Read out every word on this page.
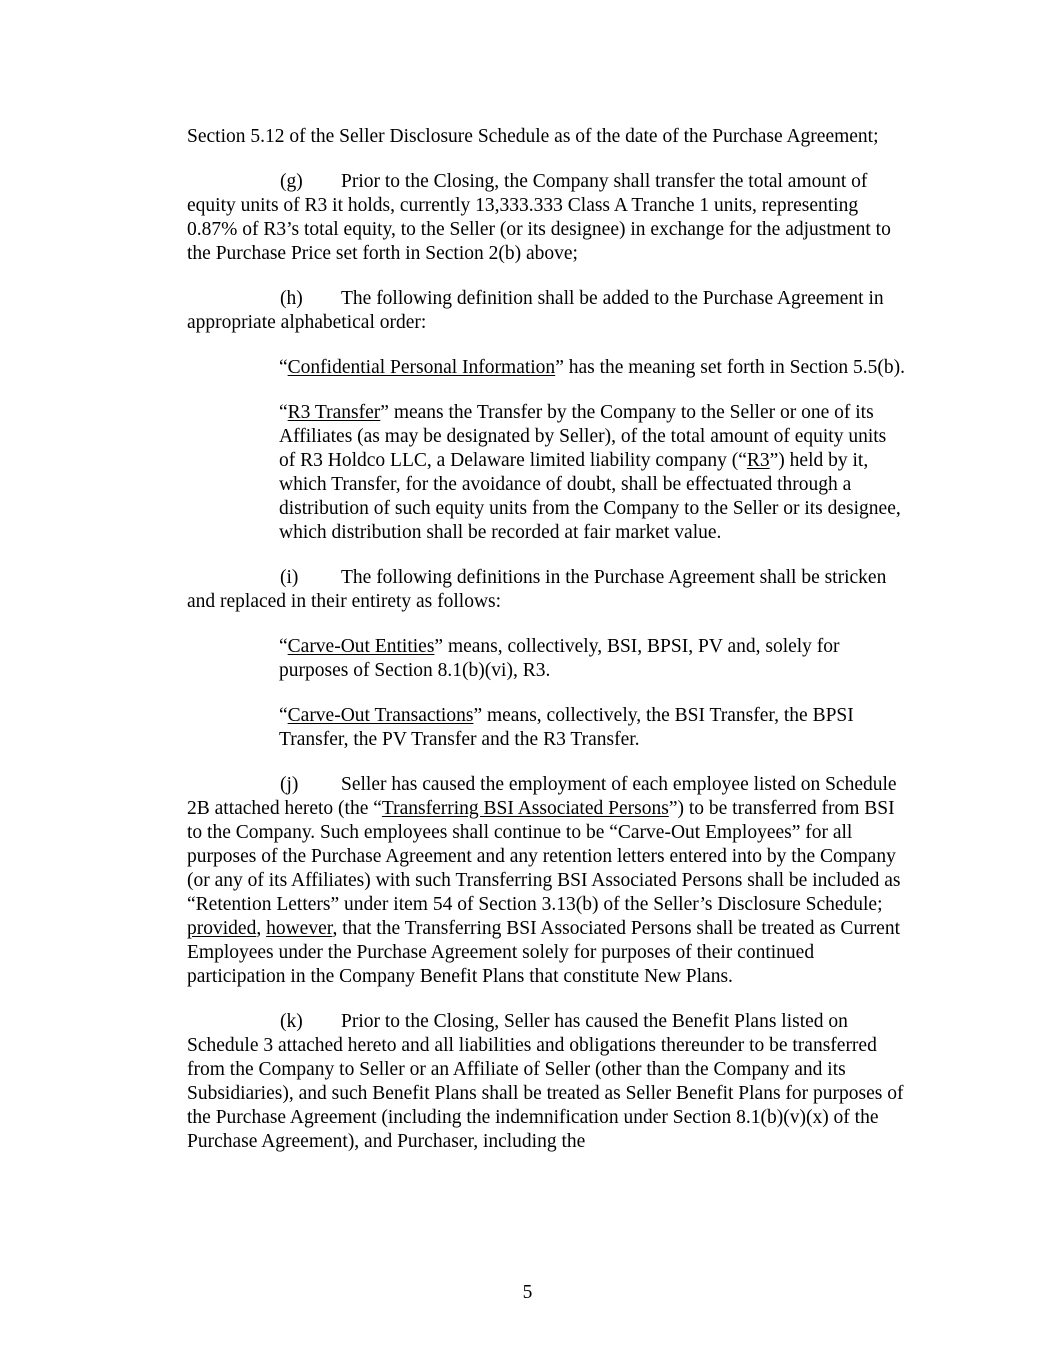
Section 5.12 of the Seller Disclosure Schedule as of the date of the Purchase Agreement;

(g) Prior to the Closing, the Company shall transfer the total amount of equity units of R3 it holds, currently 13,333.333 Class A Tranche 1 units, representing 0.87% of R3’s total equity, to the Seller (or its designee) in exchange for the adjustment to the Purchase Price set forth in Section 2(b) above;

(h) The following definition shall be added to the Purchase Agreement in appropriate alphabetical order:

“Confidential Personal Information” has the meaning set forth in Section 5.5(b).

“R3 Transfer” means the Transfer by the Company to the Seller or one of its Affiliates (as may be designated by Seller), of the total amount of equity units of R3 Holdco LLC, a Delaware limited liability company (“R3”) held by it, which Transfer, for the avoidance of doubt, shall be effectuated through a distribution of such equity units from the Company to the Seller or its designee, which distribution shall be recorded at fair market value.

(i) The following definitions in the Purchase Agreement shall be stricken and replaced in their entirety as follows:

“Carve-Out Entities” means, collectively, BSI, BPSI, PV and, solely for purposes of Section 8.1(b)(vi), R3.

“Carve-Out Transactions” means, collectively, the BSI Transfer, the BPSI Transfer, the PV Transfer and the R3 Transfer.

(j) Seller has caused the employment of each employee listed on Schedule 2B attached hereto (the “Transferring BSI Associated Persons”) to be transferred from BSI to the Company. Such employees shall continue to be “Carve-Out Employees” for all purposes of the Purchase Agreement and any retention letters entered into by the Company (or any of its Affiliates) with such Transferring BSI Associated Persons shall be included as “Retention Letters” under item 54 of Section 3.13(b) of the Seller’s Disclosure Schedule; provided, however, that the Transferring BSI Associated Persons shall be treated as Current Employees under the Purchase Agreement solely for purposes of their continued participation in the Company Benefit Plans that constitute New Plans.

(k) Prior to the Closing, Seller has caused the Benefit Plans listed on Schedule 3 attached hereto and all liabilities and obligations thereunder to be transferred from the Company to Seller or an Affiliate of Seller (other than the Company and its Subsidiaries), and such Benefit Plans shall be treated as Seller Benefit Plans for purposes of the Purchase Agreement (including the indemnification under Section 8.1(b)(v)(x) of the Purchase Agreement), and Purchaser, including the

5
